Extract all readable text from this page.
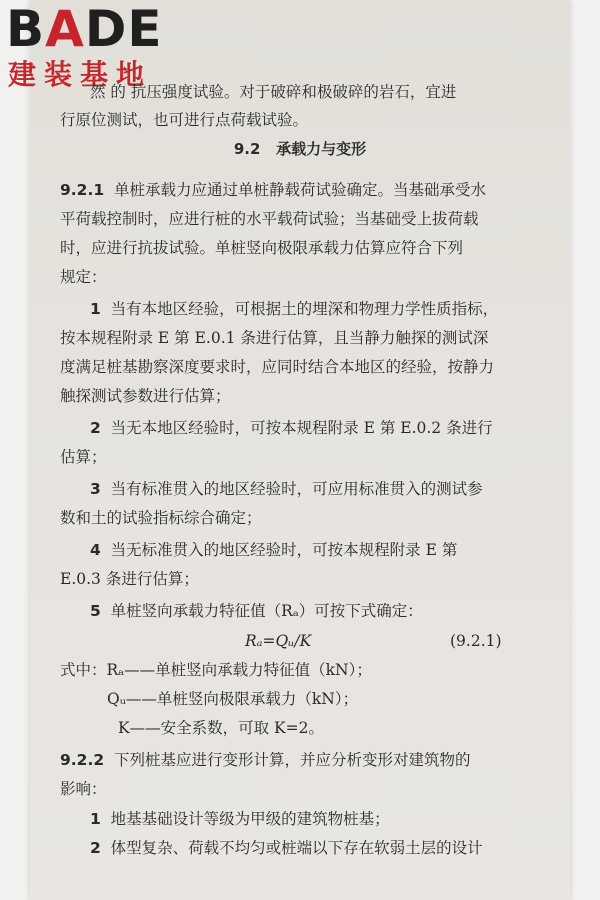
BADE
建装基地
然 的 抗压强度试验。对于破碎和极破碎的岩石，宜进
行原位测试，也可进行点荷载试验。
9.2 承载力与变形
9.2.1 单桩承载力应通过单桩静载荷试验确定。当基础承受水
平荷载控制时，应进行桩的水平载荷试验；当基础受上拔荷载
时，应进行抗拔试验。单桩竖向极限承载力估算应符合下列
规定：
1 当有本地区经验，可根据土的埋深和物理力学性质指标，
按本规程附录 E 第 E.0.1 条进行估算，且当静力触探的测试深
度满足桩基勘察深度要求时，应同时结合本地区的经验，按静力
触探测试参数进行估算；
2 当无本地区经验时，可按本规程附录 E 第 E.0.2 条进行
估算；
3 当有标准贯入的地区经验时，可应用标准贯入的测试参
数和土的试验指标综合确定；
4 当无标准贯入的地区经验时，可按本规程附录 E 第
E.0.3 条进行估算；
5 单桩竖向承载力特征值（Rₐ）可按下式确定：
Rₐ=Qᵤ/K	(9.2.1)
式中：Rₐ——单桩竖向承载力特征值（kN）；
Qᵤ——单桩竖向极限承载力（kN）；
K——安全系数，可取 K=2。
9.2.2 下列桩基应进行变形计算，并应分析变形对建筑物的
影响：
1 地基基础设计等级为甲级的建筑物桩基；
2 体型复杂、荷载不均匀或桩端以下存在软弱土层的设计
